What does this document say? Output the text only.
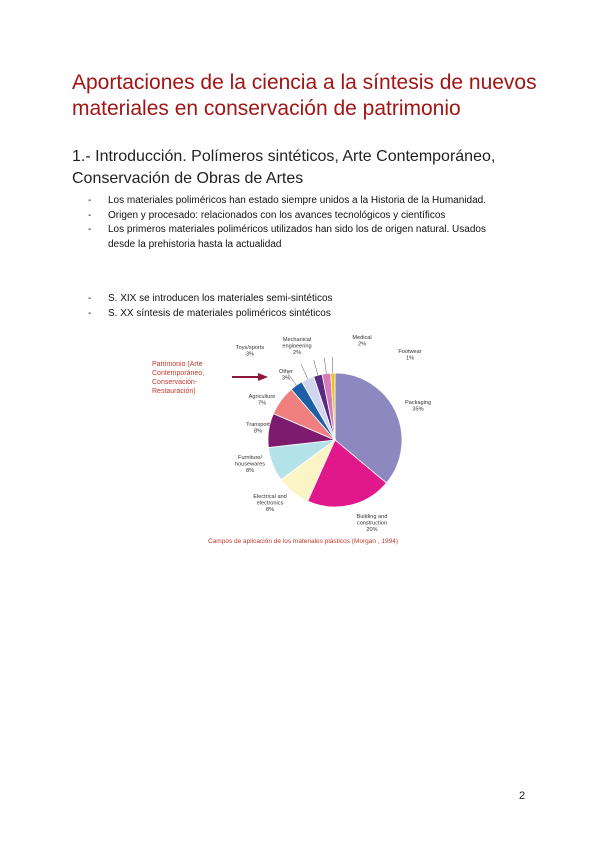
Aportaciones de la ciencia a la síntesis de nuevos materiales en conservación de patrimonio
1.- Introducción. Polímeros sintéticos, Arte Contemporáneo, Conservación de Obras de Artes
- Los materiales poliméricos han estado siempre unidos a la Historia de la Humanidad.
- Origen y procesado: relacionados con los avances tecnológicos y científicos
- Los primeros materiales poliméricos utilizados han sido los de origen natural. Usados desde la prehistoria hasta la actualidad
- S. XIX se introducen los materiales semi-sintéticos
- S. XX síntesis de materiales poliméricos sintéticos
Patrimonio (Arte
Contemporáneo,
Conservación-
Restauración)
Packaging 35%
Building and construction 20%
Electrical and electronics 8%
Furniture/ housewares 8%
Transport 8%
Agriculture 7%
Other 3%
Toys/sports 3%
Mechanical engineering 2%
Medical 2%
Footwear 1%
Campos de aplicación de los materiales plásticos (Morgan , 1994)
2
